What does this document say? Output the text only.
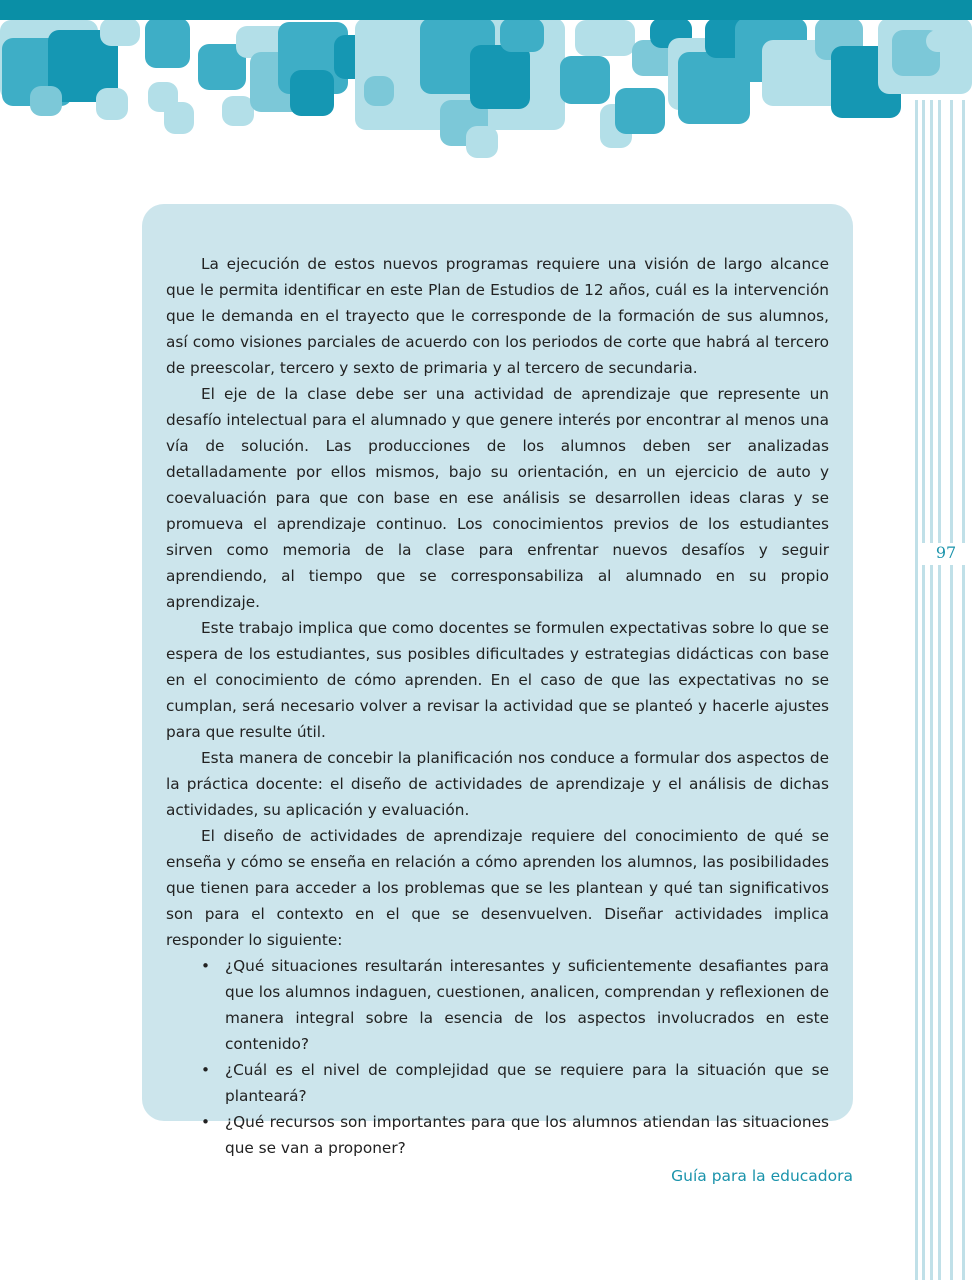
97

La ejecución de estos nuevos programas requiere una visión de largo alcance que le permita identificar en este Plan de Estudios de 12 años, cuál es la intervención que le demanda en el trayecto que le corresponde de la formación de sus alumnos, así como visiones parciales de acuerdo con los periodos de corte que habrá al tercero de preescolar, tercero y sexto de primaria y al tercero de secundaria.

El eje de la clase debe ser una actividad de aprendizaje que represente un desafío intelectual para el alumnado y que genere interés por encontrar al menos una vía de solución. Las producciones de los alumnos deben ser analizadas detalladamente por ellos mismos, bajo su orientación, en un ejercicio de auto y coevaluación para que con base en ese análisis se desarrollen ideas claras y se promueva el aprendizaje continuo. Los conocimientos previos de los estudiantes sirven como memoria de la clase para enfrentar nuevos desafíos y seguir aprendiendo, al tiempo que se corresponsabiliza al alumnado en su propio aprendizaje.

Este trabajo implica que como docentes se formulen expectativas sobre lo que se espera de los estudiantes, sus posibles dificultades y estrategias didácticas con base en el conocimiento de cómo aprenden. En el caso de que las expectativas no se cumplan, será necesario volver a revisar la actividad que se planteó y hacerle ajustes para que resulte útil.

Esta manera de concebir la planificación nos conduce a formular dos aspectos de la práctica docente: el diseño de actividades de aprendizaje y el análisis de dichas actividades, su aplicación y evaluación.

El diseño de actividades de aprendizaje requiere del conocimiento de qué se enseña y cómo se enseña en relación a cómo aprenden los alumnos, las posibilidades que tienen para acceder a los problemas que se les plantean y qué tan significativos son para el contexto en el que se desenvuelven. Diseñar actividades implica responder lo siguiente:

• ¿Qué situaciones resultarán interesantes y suficientemente desafiantes para que los alumnos indaguen, cuestionen, analicen, comprendan y reflexionen de manera integral sobre la esencia de los aspectos involucrados en este contenido?
• ¿Cuál es el nivel de complejidad que se requiere para la situación que se planteará?
• ¿Qué recursos son importantes para que los alumnos atiendan las situaciones que se van a proponer?
Guía para la educadora
